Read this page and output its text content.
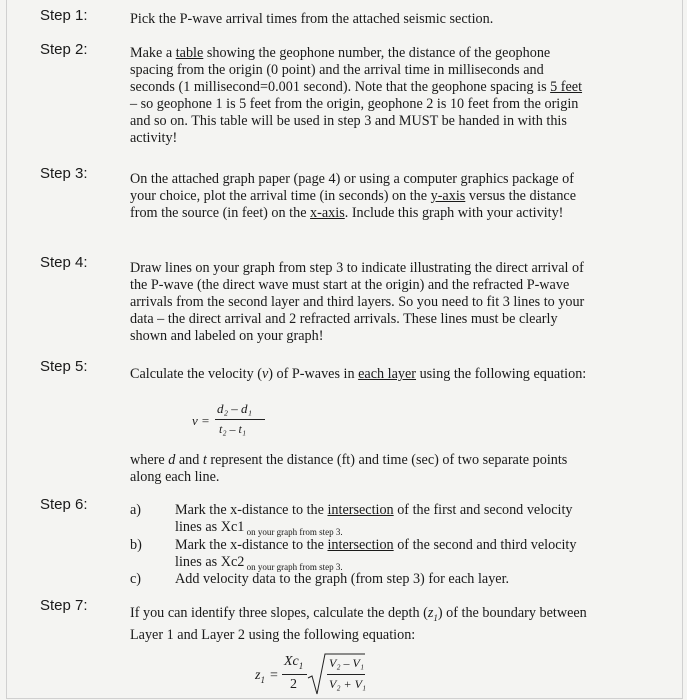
Step 1:	Pick the P-wave arrival times from the attached seismic section.
Step 2:	Make a table showing the geophone number, the distance of the geophone spacing from the origin (0 point) and the arrival time in milliseconds and seconds (1 millisecond=0.001 second). Note that the geophone spacing is 5 feet – so geophone 1 is 5 feet from the origin, geophone 2 is 10 feet from the origin and so on. This table will be used in step 3 and MUST be handed in with this activity!
Step 3:	On the attached graph paper (page 4) or using a computer graphics package of your choice, plot the arrival time (in seconds) on the y-axis versus the distance from the source (in feet) on the x-axis. Include this graph with your activity!
Step 4:	Draw lines on your graph from step 3 to indicate illustrating the direct arrival of the P-wave (the direct wave must start at the origin) and the refracted P-wave arrivals from the second layer and third layers. So you need to fit 3 lines to your data – the direct arrival and 2 refracted arrivals. These lines must be clearly shown and labeled on your graph!
Step 5:	Calculate the velocity (v) of P-waves in each layer using the following equation:
v =
d₂ – d₁
t₂ – t₁
where d and t represent the distance (ft) and time (sec) of two separate points along each line.
Step 6:	a) Mark the x-distance to the intersection of the first and second velocity lines as Xc1 $_{on your graph from step 3.}$
b) Mark the x-distance to the intersection of the second and third velocity lines as Xc2 $_{on your graph from step 3.}$
c) Add velocity data to the graph (from step 3) for each layer.
Step 7:	If you can identify three slopes, calculate the depth $(z_1)$ of the boundary between Layer 1 and Layer 2 using the following equation:
$z_1$ =
$Xc_1$
2
V₂ – V₁
V₂ + V₁
